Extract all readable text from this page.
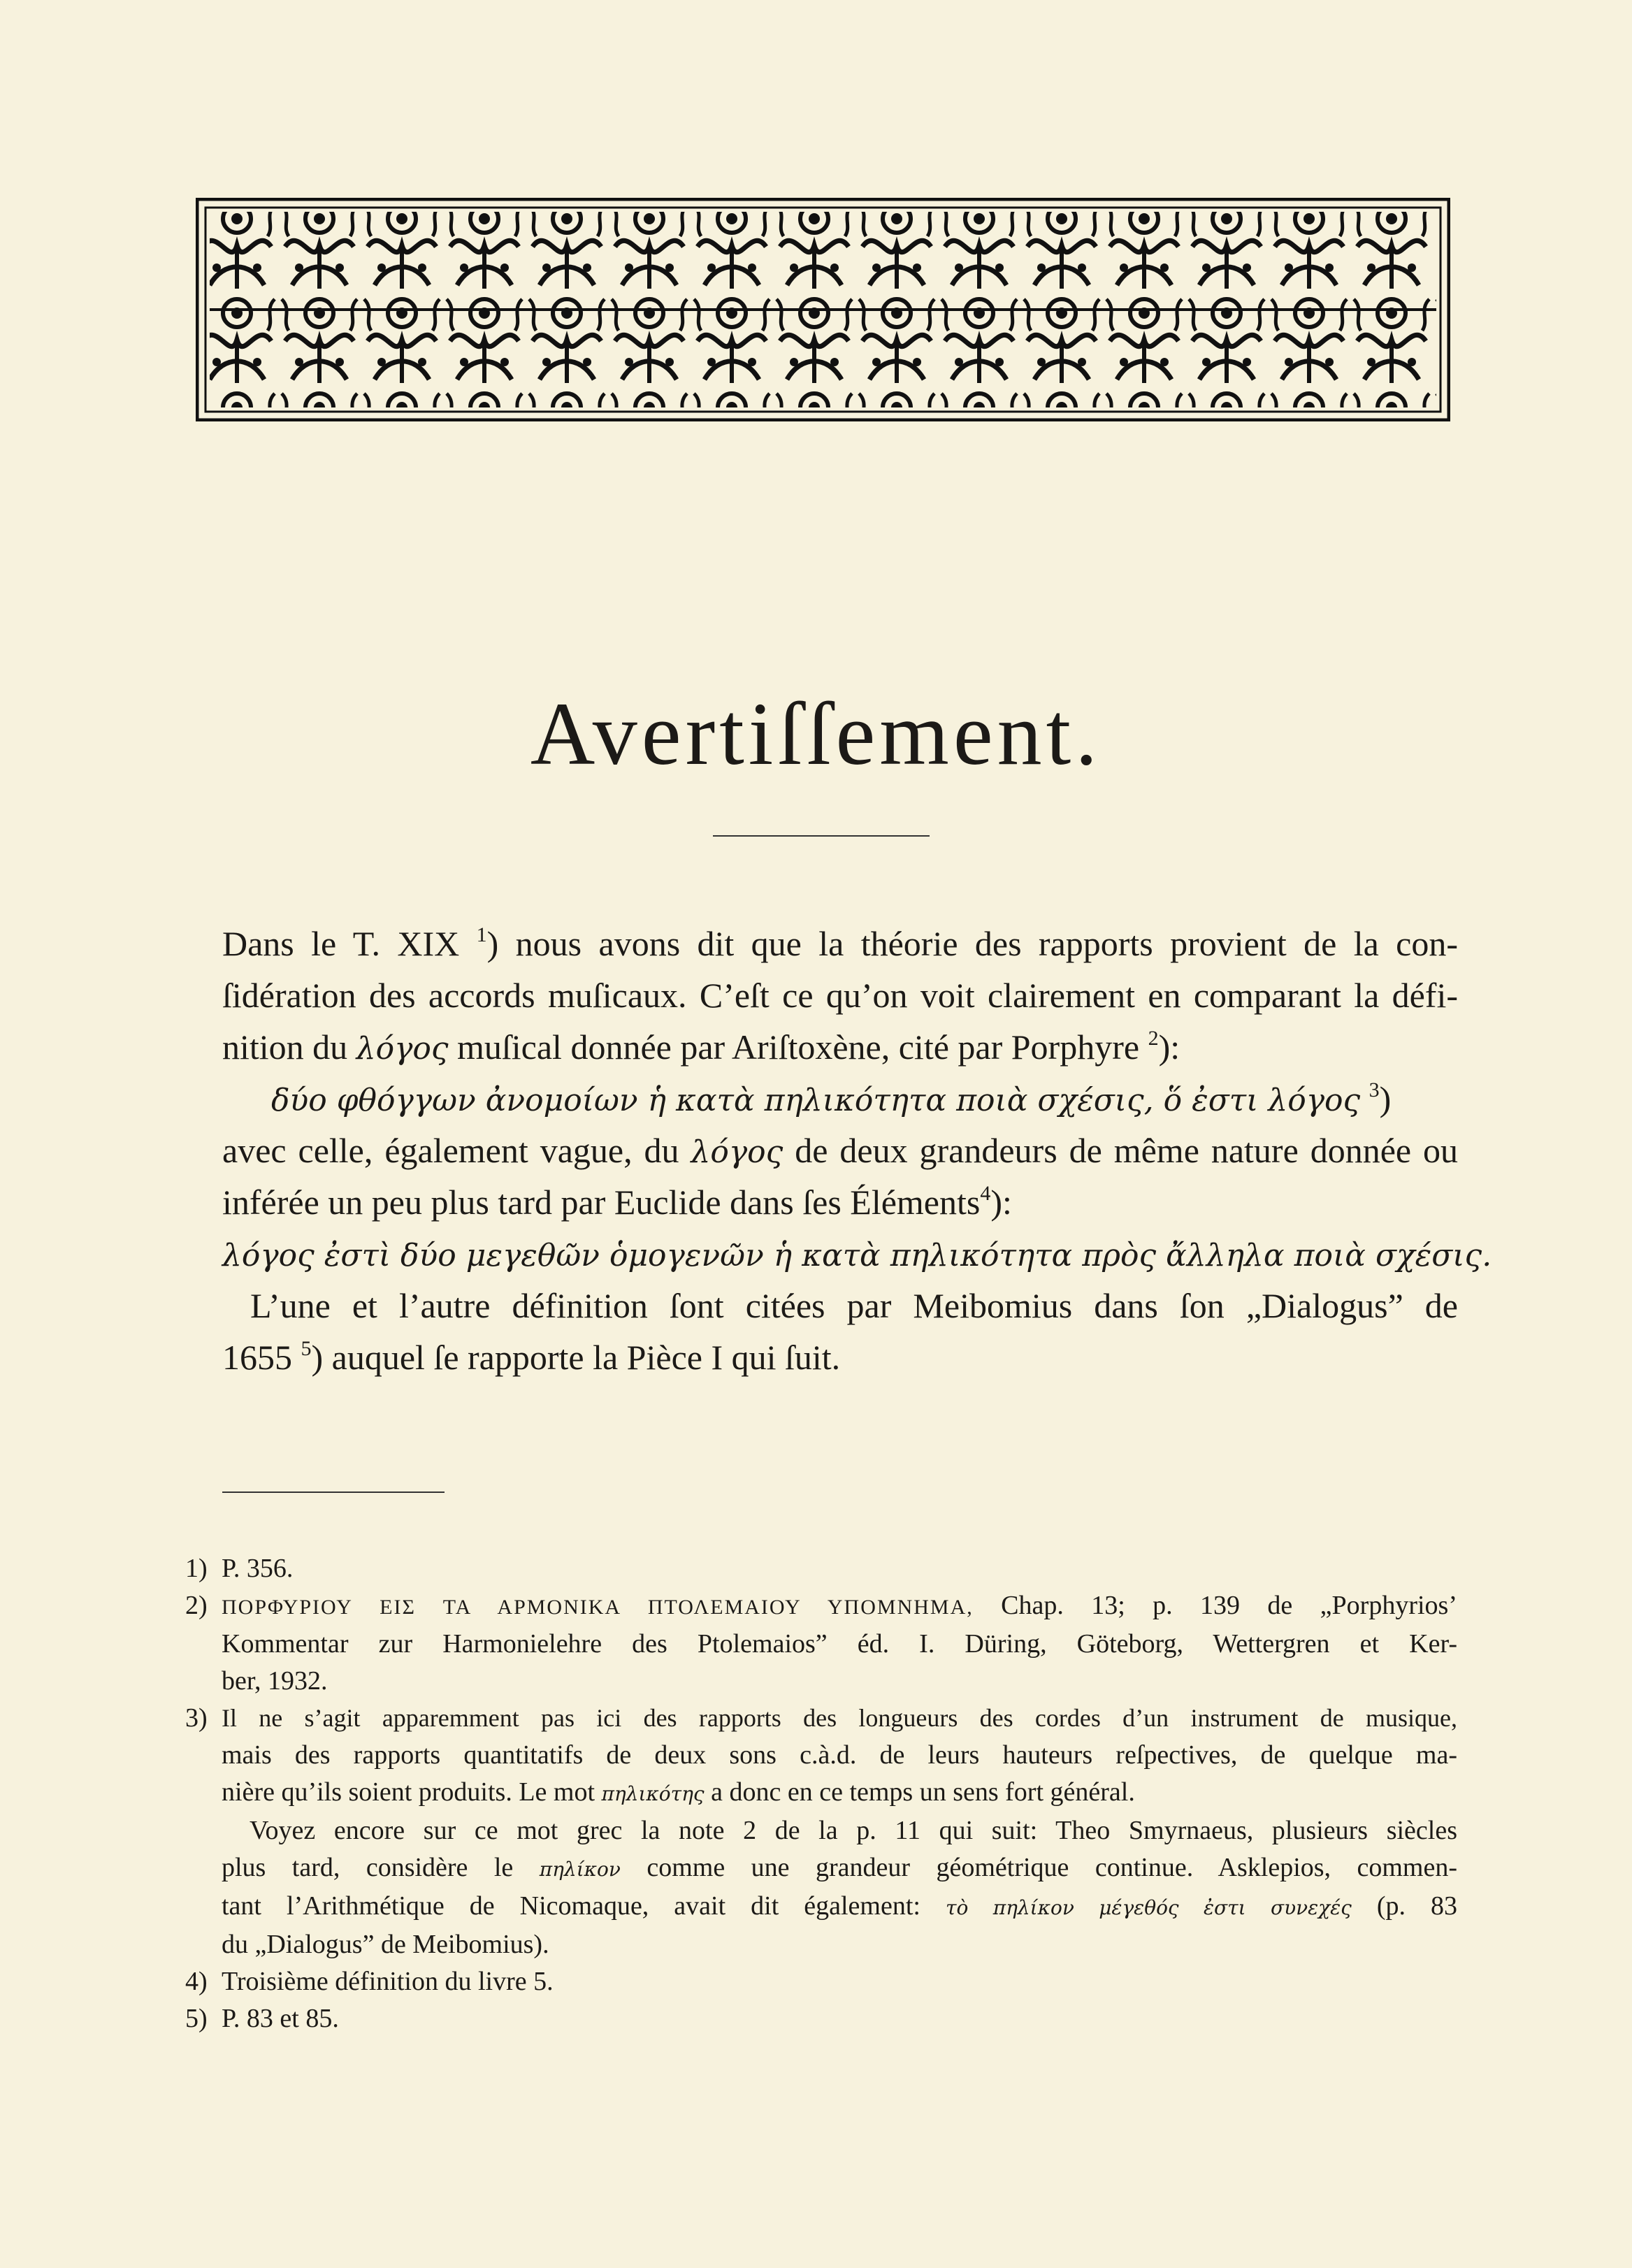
Avertiſſement.
Dans le T. XIX $^1$) nous avons dit que la théorie des rapports provient de la con-
ſidération des accords muſicaux. C’eſt ce qu’on voit clairement en comparant la défi-
nition du λόγος muſical donnée par Ariſtoxène, cité par Porphyre $^2$):
δύο φθόγγων ἀνομοίων ἡ κατὰ πηλικότητα ποιὰ σχέσις, ὅ ἐστι λόγος $^3$)
avec celle, également vague, du λόγος de deux grandeurs de même nature donnée ou
inférée un peu plus tard par Euclide dans ſes Éléments$^4$):
λόγος ἐστὶ δύο μεγεθῶν ὁμογενῶν ἡ κατὰ πηλικότητα πρὸς ἄλληλα ποιὰ σχέσις.
L’une et l’autre définition ſont citées par Meibomius dans ſon „Dialogus” de
1655 $^5$) auquel ſe rapporte la Pièce I qui ſuit.
1) P. 356.
2) ΠΟΡΦΥΡΙΟΥ ΕΙΣ ΤΑ ΑΡΜΟΝΙΚΑ ΠΤΟΛΕΜΑΙΟΥ ΥΠΟΜΝΗΜΑ, Chap. 13; p. 139 de „Porphyrios’
Kommentar zur Harmonielehre des Ptolemaios” éd. I. Düring, Göteborg, Wettergren et Ker-
ber, 1932.
3) Il ne s’agit apparemment pas ici des rapports des longueurs des cordes d’un instrument de musique,
mais des rapports quantitatifs de deux sons c.à.d. de leurs hauteurs reſpectives, de quelque ma-
nière qu’ils soient produits. Le mot πηλικότης a donc en ce temps un sens fort général.
Voyez encore sur ce mot grec la note 2 de la p. 11 qui suit: Theo Smyrnaeus, plusieurs siècles
plus tard, considère le πηλίκον comme une grandeur géométrique continue. Asklepios, commen-
tant l’Arithmétique de Nicomaque, avait dit également: τὸ πηλίκον μέγεθός ἐστι συνεχές (p. 83
du „Dialogus” de Meibomius).
4) Troisième définition du livre 5.
5) P. 83 et 85.
